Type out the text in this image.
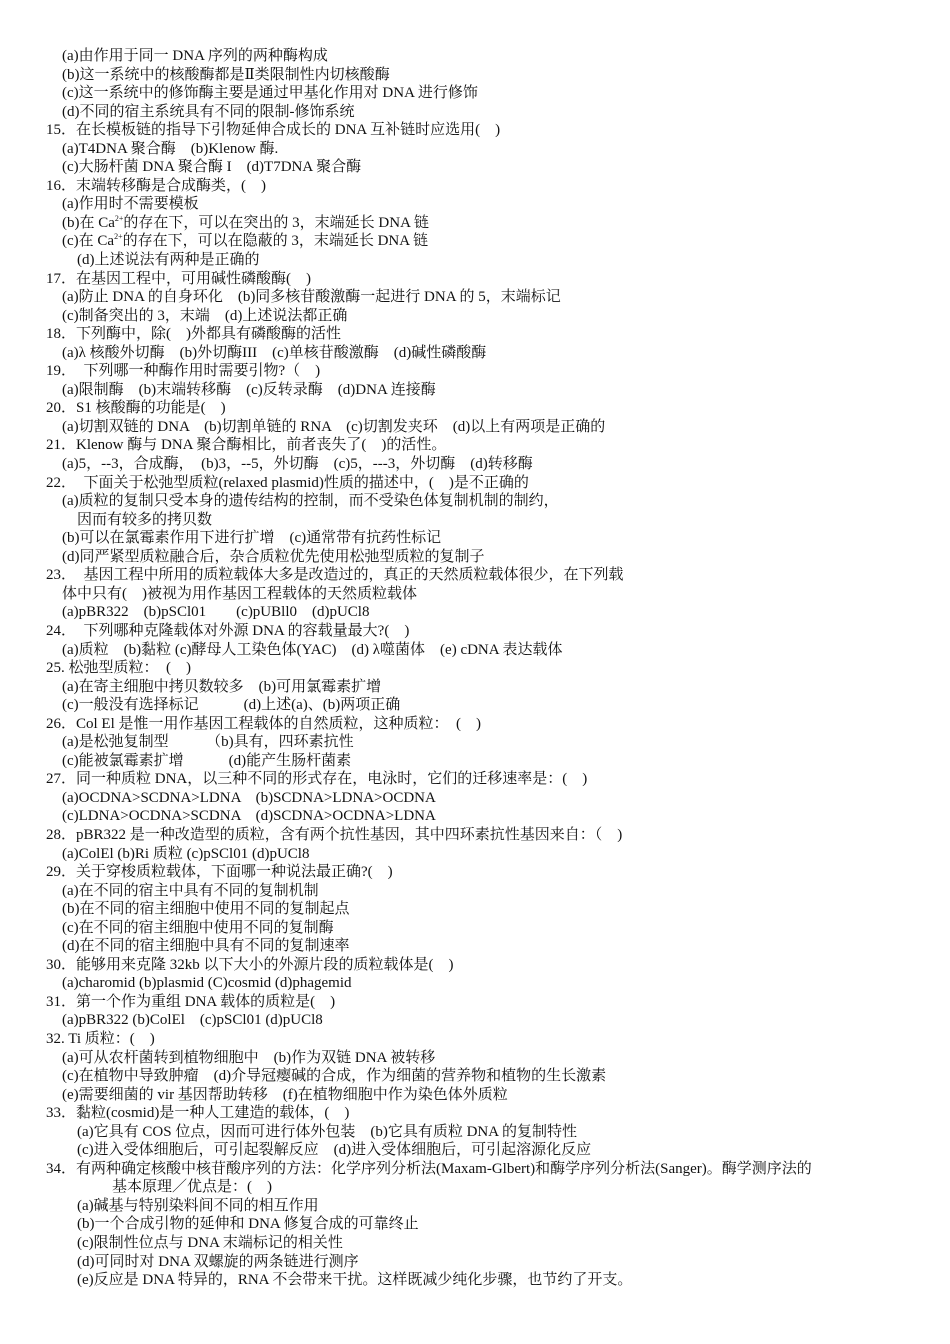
(a)由作用于同一 DNA 序列的两种酶构成
(b)这一系统中的核酸酶都是Ⅱ类限制性内切核酸酶
(c)这一系统中的修饰酶主要是通过甲基化作用对 DNA 进行修饰
(d)不同的宿主系统具有不同的限制-修饰系统
15．在长模板链的指导下引物延伸合成长的 DNA 互补链时应选用(　)
(a)T4DNA 聚合酶　(b)Klenow 酶.
(c)大肠杆菌 DNA 聚合酶 I　(d)T7DNA 聚合酶
16．末端转移酶是合成酶类，(　)
(a)作用时不需要模板
(b)在 $Ca^{2+}$的存在下，可以在突出的 3，末端延长 DNA 链
(c)在 $Ca^{2+}$的存在下，可以在隐蔽的 3，末端延长 DNA 链
(d)上述说法有两种是正确的
17．在基因工程中，可用碱性磷酸酶(　)
(a)防止 DNA 的自身环化　(b)同多核苷酸激酶一起进行 DNA 的 5，末端标记
(c)制备突出的 3，末端　(d)上述说法都正确
18．下列酶中，除(　)外都具有磷酸酶的活性
(a)λ 核酸外切酶　(b)外切酶III　(c)单核苷酸激酶　(d)碱性磷酸酶
19．　下列哪一种酶作用时需要引物?（　)
(a)限制酶　(b)末端转移酶　(c)反转录酶　(d)DNA 连接酶
20．S1 核酸酶的功能是(　)
(a)切割双链的 DNA　(b)切割单链的 RNA　(c)切割发夹环　(d)以上有两项是正确的
21．Klenow 酶与 DNA 聚合酶相比，前者丧失了(　)的活性。
(a)5，--3，合成酶，　(b)3，--5，外切酶　(c)5，---3，外切酶　(d)转移酶
22．　下面关于松弛型质粒(relaxed plasmid)性质的描述中，(　)是不正确的
(a)质粒的复制只受本身的遗传结构的控制，而不受染色体复制机制的制约，
因而有较多的拷贝数
(b)可以在氯霉素作用下进行扩增　(c)通常带有抗药性标记
(d)同严紧型质粒融合后，杂合质粒优先使用松弛型质粒的复制子
23．　基因工程中所用的质粒载体大多是改造过的，真正的天然质粒载体很少，在下列载
体中只有(　)被视为用作基因工程载体的天然质粒载体
(a)pBR322　(b)pSCl01　　(c)pUBll0　(d)pUCl8
24．　下列哪种克隆载体对外源 DNA 的容载量最大?(　)
(a)质粒　(b)黏粒 (c)酵母人工染色体(YAC)　(d) λ噬菌体　(e) cDNA 表达载体
25. 松弛型质粒：　(　)
(a)在寄主细胞中拷贝数较多　(b)可用氯霉素扩增
(c)一般没有选择标记　　　(d)上述(a)、(b)两项正确
26．Col El 是惟一用作基因工程载体的自然质粒，这种质粒：　(　)
(a)是松弛复制型　　　（b)具有，四环素抗性
(c)能被氯霉素扩增　　　(d)能产生肠杆菌素
27．同一种质粒 DNA，以三种不同的形式存在，电泳时，它们的迁移速率是：(　)
(a)OCDNA>SCDNA>LDNA　(b)SCDNA>LDNA>OCDNA
(c)LDNA>OCDNA>SCDNA　(d)SCDNA>OCDNA>LDNA
28．pBR322 是一种改造型的质粒，含有两个抗性基因，其中四环素抗性基因来自：（　)
(a)ColEl (b)Ri 质粒 (c)pSCl01 (d)pUCl8
29．关于穿梭质粒载体，下面哪一种说法最正确?(　)
(a)在不同的宿主中具有不同的复制机制
(b)在不同的宿主细胞中使用不同的复制起点
(c)在不同的宿主细胞中使用不同的复制酶
(d)在不同的宿主细胞中具有不同的复制速率
30．能够用来克隆 32kb 以下大小的外源片段的质粒载体是(　)
(a)charomid (b)plasmid (C)cosmid (d)phagemid
31．第一个作为重组 DNA 载体的质粒是(　)
(a)pBR322 (b)ColEl　(c)pSCl01 (d)pUCl8
32. Ti 质粒：(　)
(a)可从农杆菌转到植物细胞中　(b)作为双链 DNA 被转移
(c)在植物中导致肿瘤　(d)介导冠瘿碱的合成，作为细菌的营养物和植物的生长激素
(e)需要细菌的 vir 基因帮助转移　(f)在植物细胞中作为染色体外质粒
33．黏粒(cosmid)是一种人工建造的载体，(　)
(a)它具有 COS 位点，因而可进行体外包装　(b)它具有质粒 DNA 的复制特性
(c)进入受体细胞后，可引起裂解反应　(d)进入受体细胞后，可引起溶源化反应
34．有两种确定核酸中核苷酸序列的方法：化学序列分析法(Maxam-Glbert)和酶学序列分析法(Sanger)。酶学测序法的
基本原理／优点是：(　)
(a)碱基与特别染料间不同的相互作用
(b)一个合成引物的延伸和 DNA 修复合成的可靠终止
(c)限制性位点与 DNA 末端标记的相关性
(d)可同时对 DNA 双螺旋的两条链进行测序
(e)反应是 DNA 特异的，RNA 不会带来干扰。这样既减少纯化步骤，也节约了开支。
